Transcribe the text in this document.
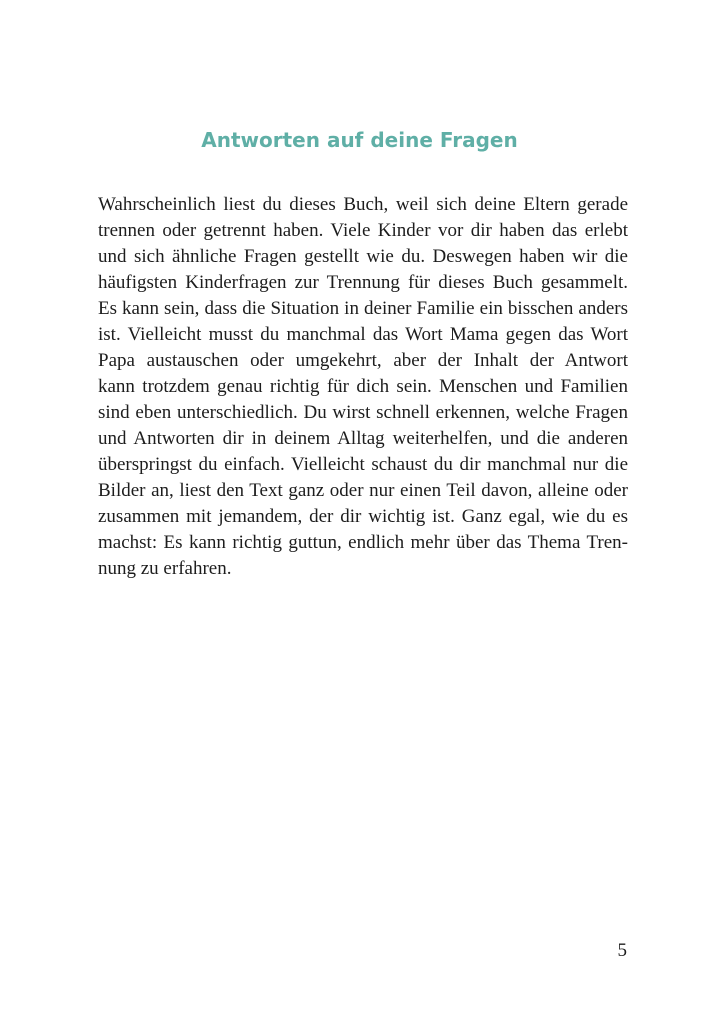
Antworten auf deine Fragen
Wahrscheinlich liest du dieses Buch, weil sich deine Eltern gerade
trennen oder getrennt haben. Viele Kinder vor dir haben das erlebt
und sich ähnliche Fragen gestellt wie du. Deswegen haben wir die
häufigsten Kinderfragen zur Trennung für dieses Buch gesammelt.
Es kann sein, dass die Situation in deiner Familie ein bisschen anders
ist. Vielleicht musst du manchmal das Wort Mama gegen das Wort
Papa austauschen oder umgekehrt, aber der Inhalt der Antwort
kann trotzdem genau richtig für dich sein. Menschen und Familien
sind eben unterschiedlich. Du wirst schnell erkennen, welche Fragen
und Antworten dir in deinem Alltag weiterhelfen, und die anderen
überspringst du einfach. Vielleicht schaust du dir manchmal nur die
Bilder an, liest den Text ganz oder nur einen Teil davon, alleine oder
zusammen mit jemandem, der dir wichtig ist. Ganz egal, wie du es
machst: Es kann richtig guttun, endlich mehr über das Thema Tren-
nung zu erfahren.
5
